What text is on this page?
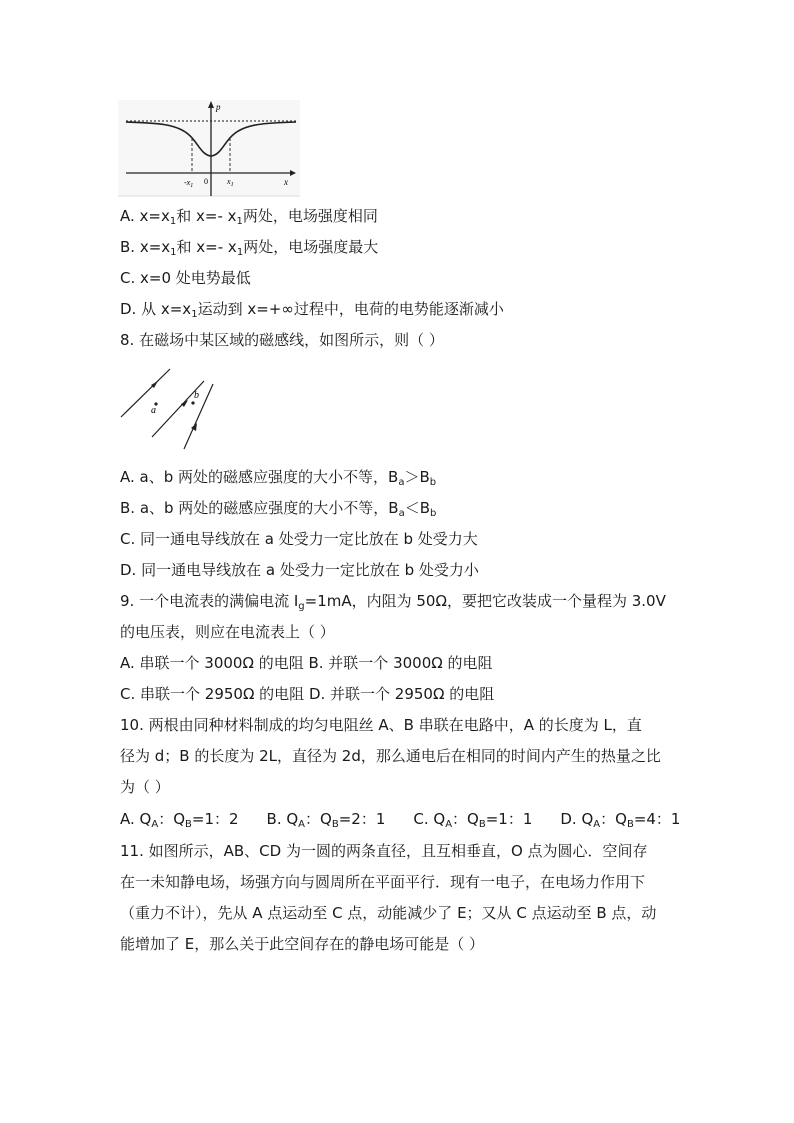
p
x
$-x_1$ 0 $x_1$
A. $x=x_1$和 x=- $x_1$两处，电场强度相同
B. $x=x_1$和 x=- $x_1$两处，电场强度最大
C. x=0 处电势最低
D. 从 $x=x_1$运动到 x=+∞过程中，电荷的电势能逐渐减小
8. 在磁场中某区域的磁感线，如图所示，则（ ）
a
b
A. a、b 两处的磁感应强度的大小不等，$B_a>B_b$
B. a、b 两处的磁感应强度的大小不等，$B_a<B_b$
C. 同一通电导线放在 a 处受力一定比放在 b 处受力大
D. 同一通电导线放在 a 处受力一定比放在 b 处受力小
9. 一个电流表的满偏电流 $I_g=1mA$，内阻为 50Ω，要把它改装成一个量程为 3.0V
的电压表，则应在电流表上（ ）
A. 串联一个 3000Ω 的电阻 B. 并联一个 3000Ω 的电阻
C. 串联一个 2950Ω 的电阻 D. 并联一个 2950Ω 的电阻
10. 两根由同种材料制成的均匀电阻丝 A、B 串联在电路中，A 的长度为 L，直
径为 d；B 的长度为 2L，直径为 2d，那么通电后在相同的时间内产生的热量之比
为（ ）
A. $Q_A$：$Q_B=1$：2 B. $Q_A$：$Q_B=2$：1 C. $Q_A$：$Q_B=1$：1 D. $Q_A$：$Q_B=4$：1
11. 如图所示，AB、CD 为一圆的两条直径，且互相垂直，O 点为圆心．空间存
在一未知静电场，场强方向与圆周所在平面平行．现有一电子，在电场力作用下
（重力不计），先从 A 点运动至 C 点，动能减少了 E；又从 C 点运动至 B 点，动
能增加了 E，那么关于此空间存在的静电场可能是（ ）
